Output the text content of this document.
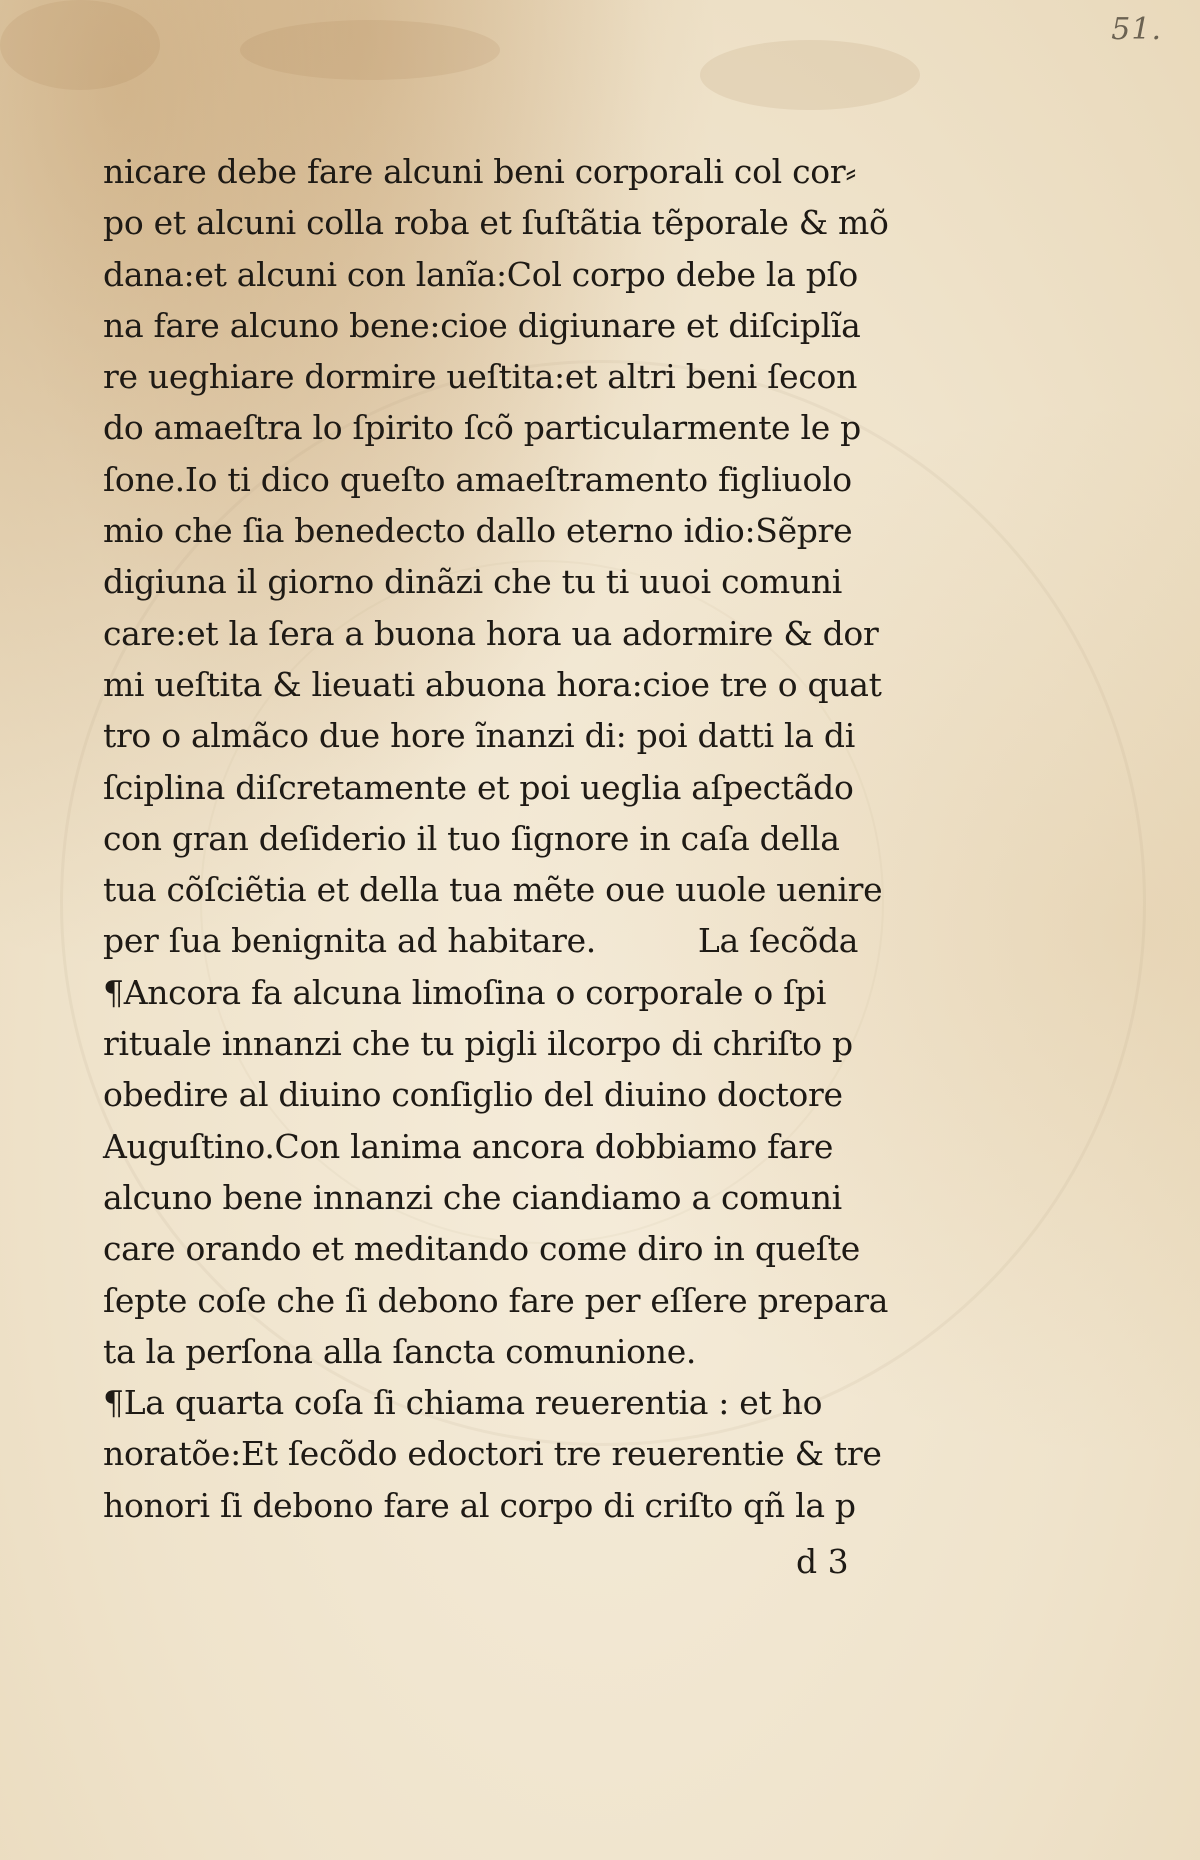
51.
nicare debe fare alcuni beni corporali col cor⸗
po et alcuni colla roba et ſuſtãtia tẽporale & mõ
dana:et alcuni con lanĩa:Col corpo debe la pſo
na fare alcuno bene:cioe digiunare et diſciplĩa
re ueghiare dormire ueſtita:et altri beni ſecon
do amaeſtra lo ſpirito ſcõ particularmente le p
ſone.Io ti dico queſto amaeſtramento figliuolo
mio che ſia benedecto dallo eterno idio:Sẽpre
digiuna il giorno dinãzi che tu ti uuoi comuni
care:et la ſera a buona hora ua adormire & dor
mi ueſtita & lieuati abuona hora:cioe tre o quat
tro o almãco due hore ĩnanzi di: poi datti la di
ſciplina diſcretamente et poi ueglia aſpectãdo
con gran deſiderio il tuo ſignore in caſa della
tua cõſciẽtia et della tua mẽte oue uuole uenire
per ſua benignita ad habitare.          La ſecõda
¶Ancora fa alcuna limoſina o corporale o ſpi
rituale innanzi che tu pigli ilcorpo di chriſto p
obedire al diuino conſiglio del diuino doctore
Auguſtino.Con lanima ancora dobbiamo fare
alcuno bene innanzi che ciandiamo a comuni
care orando et meditando come diro in queſte
ſepte coſe che ſi debono fare per eſſere prepara
ta la perſona alla ſancta comunione.
¶La quarta coſa ſi chiama reuerentia : et ho
noratõe:Et ſecõdo edoctori tre reuerentie & tre
honori ſi debono fare al corpo di criſto qñ la p
d 3
